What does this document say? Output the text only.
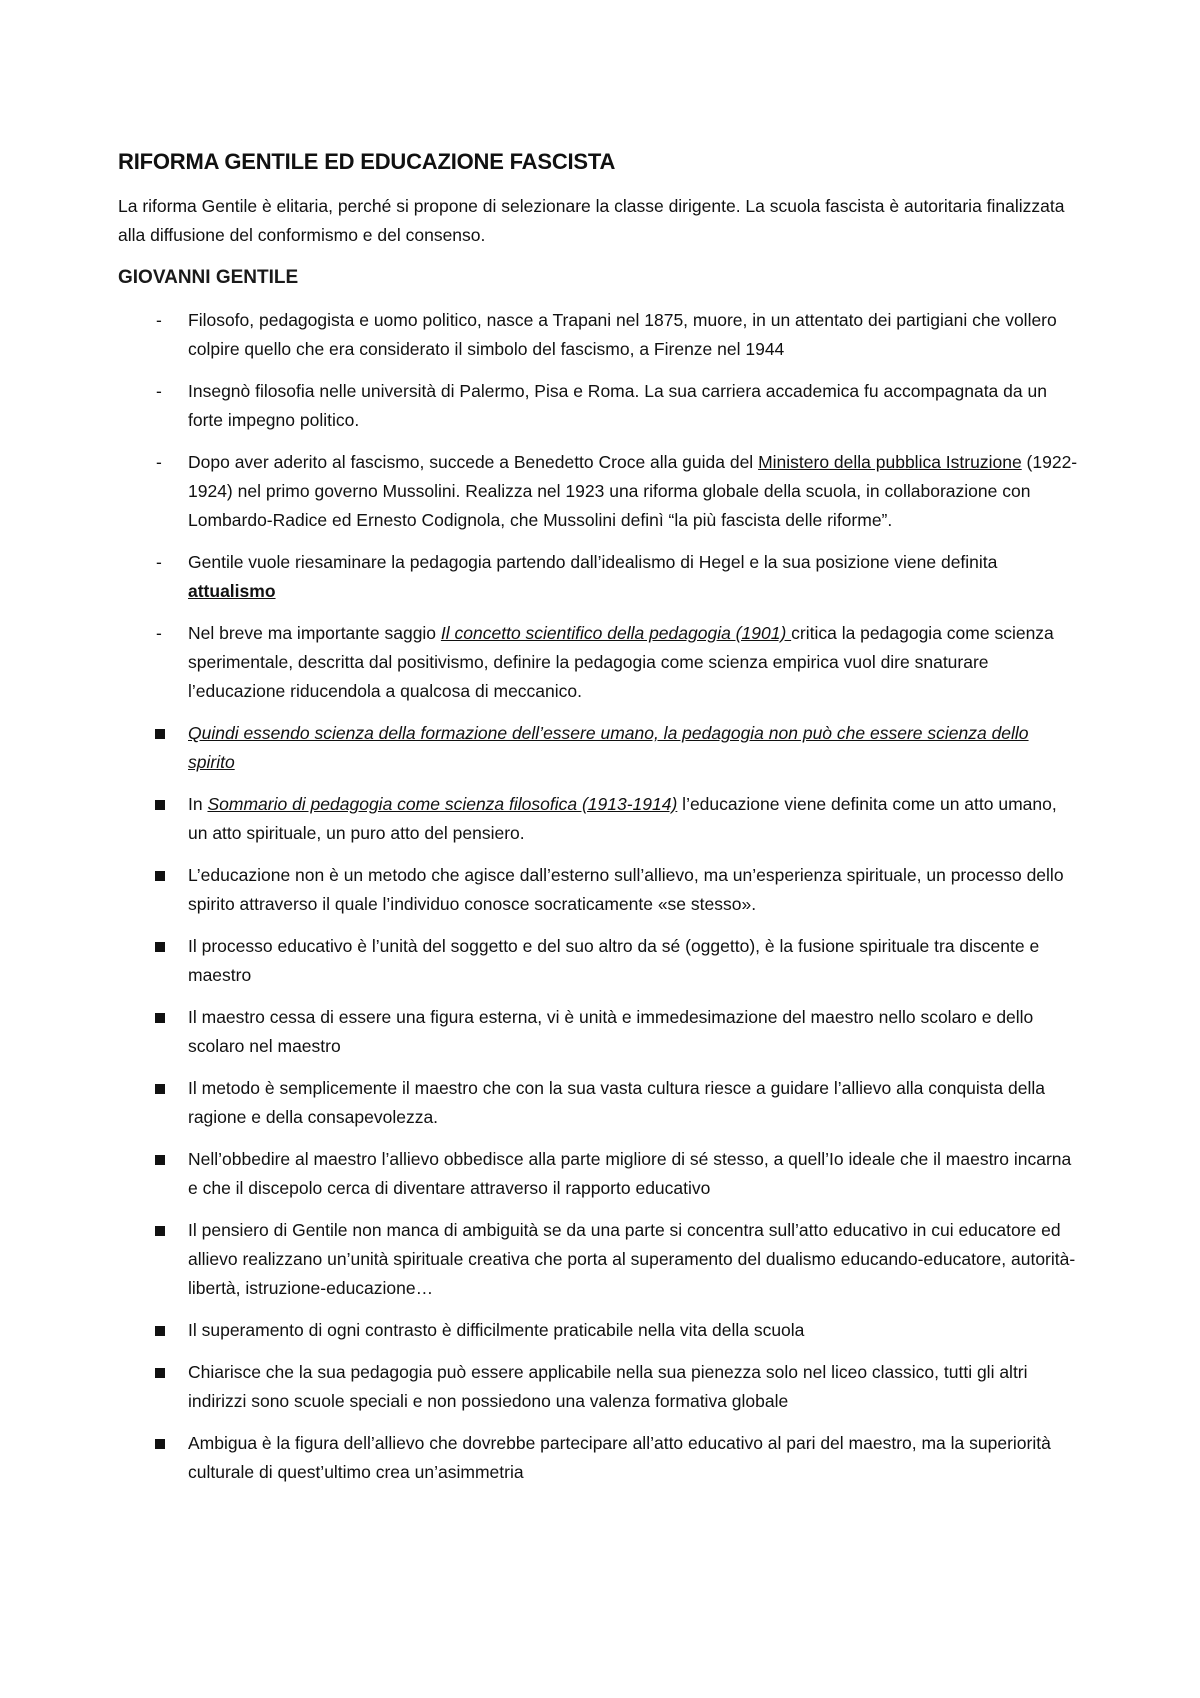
RIFORMA GENTILE ED EDUCAZIONE FASCISTA

La riforma Gentile è elitaria, perché si propone di selezionare la classe dirigente. La scuola fascista è autoritaria finalizzata alla diffusione del conformismo e del consenso.

GIOVANNI GENTILE
- Filosofo, pedagogista e uomo politico, nasce a Trapani nel 1875, muore, in un attentato dei partigiani che vollero colpire quello che era considerato il simbolo del fascismo, a Firenze nel 1944
- Insegnò filosofia nelle università di Palermo, Pisa e Roma. La sua carriera accademica fu accompagnata da un forte impegno politico.
- Dopo aver aderito al fascismo, succede a Benedetto Croce alla guida del Ministero della pubblica Istruzione (1922-1924) nel primo governo Mussolini. Realizza nel 1923 una riforma globale della scuola, in collaborazione con Lombardo-Radice ed Ernesto Codignola, che Mussolini definì “la più fascista delle riforme”.
- Gentile vuole riesaminare la pedagogia partendo dall’idealismo di Hegel e la sua posizione viene definita attualismo
- Nel breve ma importante saggio Il concetto scientifico della pedagogia (1901) critica la pedagogia come scienza sperimentale, descritta dal positivismo, definire la pedagogia come scienza empirica vuol dire snaturare l’educazione riducendola a qualcosa di meccanico.
Quindi essendo scienza della formazione dell’essere umano, la pedagogia non può che essere scienza dello spirito
In Sommario di pedagogia come scienza filosofica (1913-1914) l’educazione viene definita come un atto umano, un atto spirituale, un puro atto del pensiero.
L’educazione non è un metodo che agisce dall’esterno sull’allievo, ma un’esperienza spirituale, un processo dello spirito attraverso il quale l’individuo conosce socraticamente «se stesso».
Il processo educativo è l’unità del soggetto e del suo altro da sé (oggetto), è la fusione spirituale tra discente e maestro
Il maestro cessa di essere una figura esterna, vi è unità e immedesimazione del maestro nello scolaro e dello scolaro nel maestro
Il metodo è semplicemente il maestro che con la sua vasta cultura riesce a guidare l’allievo alla conquista della ragione e della consapevolezza.
Nell’obbedire al maestro l’allievo obbedisce alla parte migliore di sé stesso, a quell’Io ideale che il maestro incarna e che il discepolo cerca di diventare attraverso il rapporto educativo
Il pensiero di Gentile non manca di ambiguità se da una parte si concentra sull’atto educativo in cui educatore ed allievo realizzano un’unità spirituale creativa che porta al superamento del dualismo educando-educatore, autorità-libertà, istruzione-educazione…
Il superamento di ogni contrasto è difficilmente praticabile nella vita della scuola
Chiarisce che la sua pedagogia può essere applicabile nella sua pienezza solo nel liceo classico, tutti gli altri indirizzi sono scuole speciali e non possiedono una valenza formativa globale
Ambigua è la figura dell’allievo che dovrebbe partecipare all’atto educativo al pari del maestro, ma la superiorità culturale di quest’ultimo crea un’asimmetria
